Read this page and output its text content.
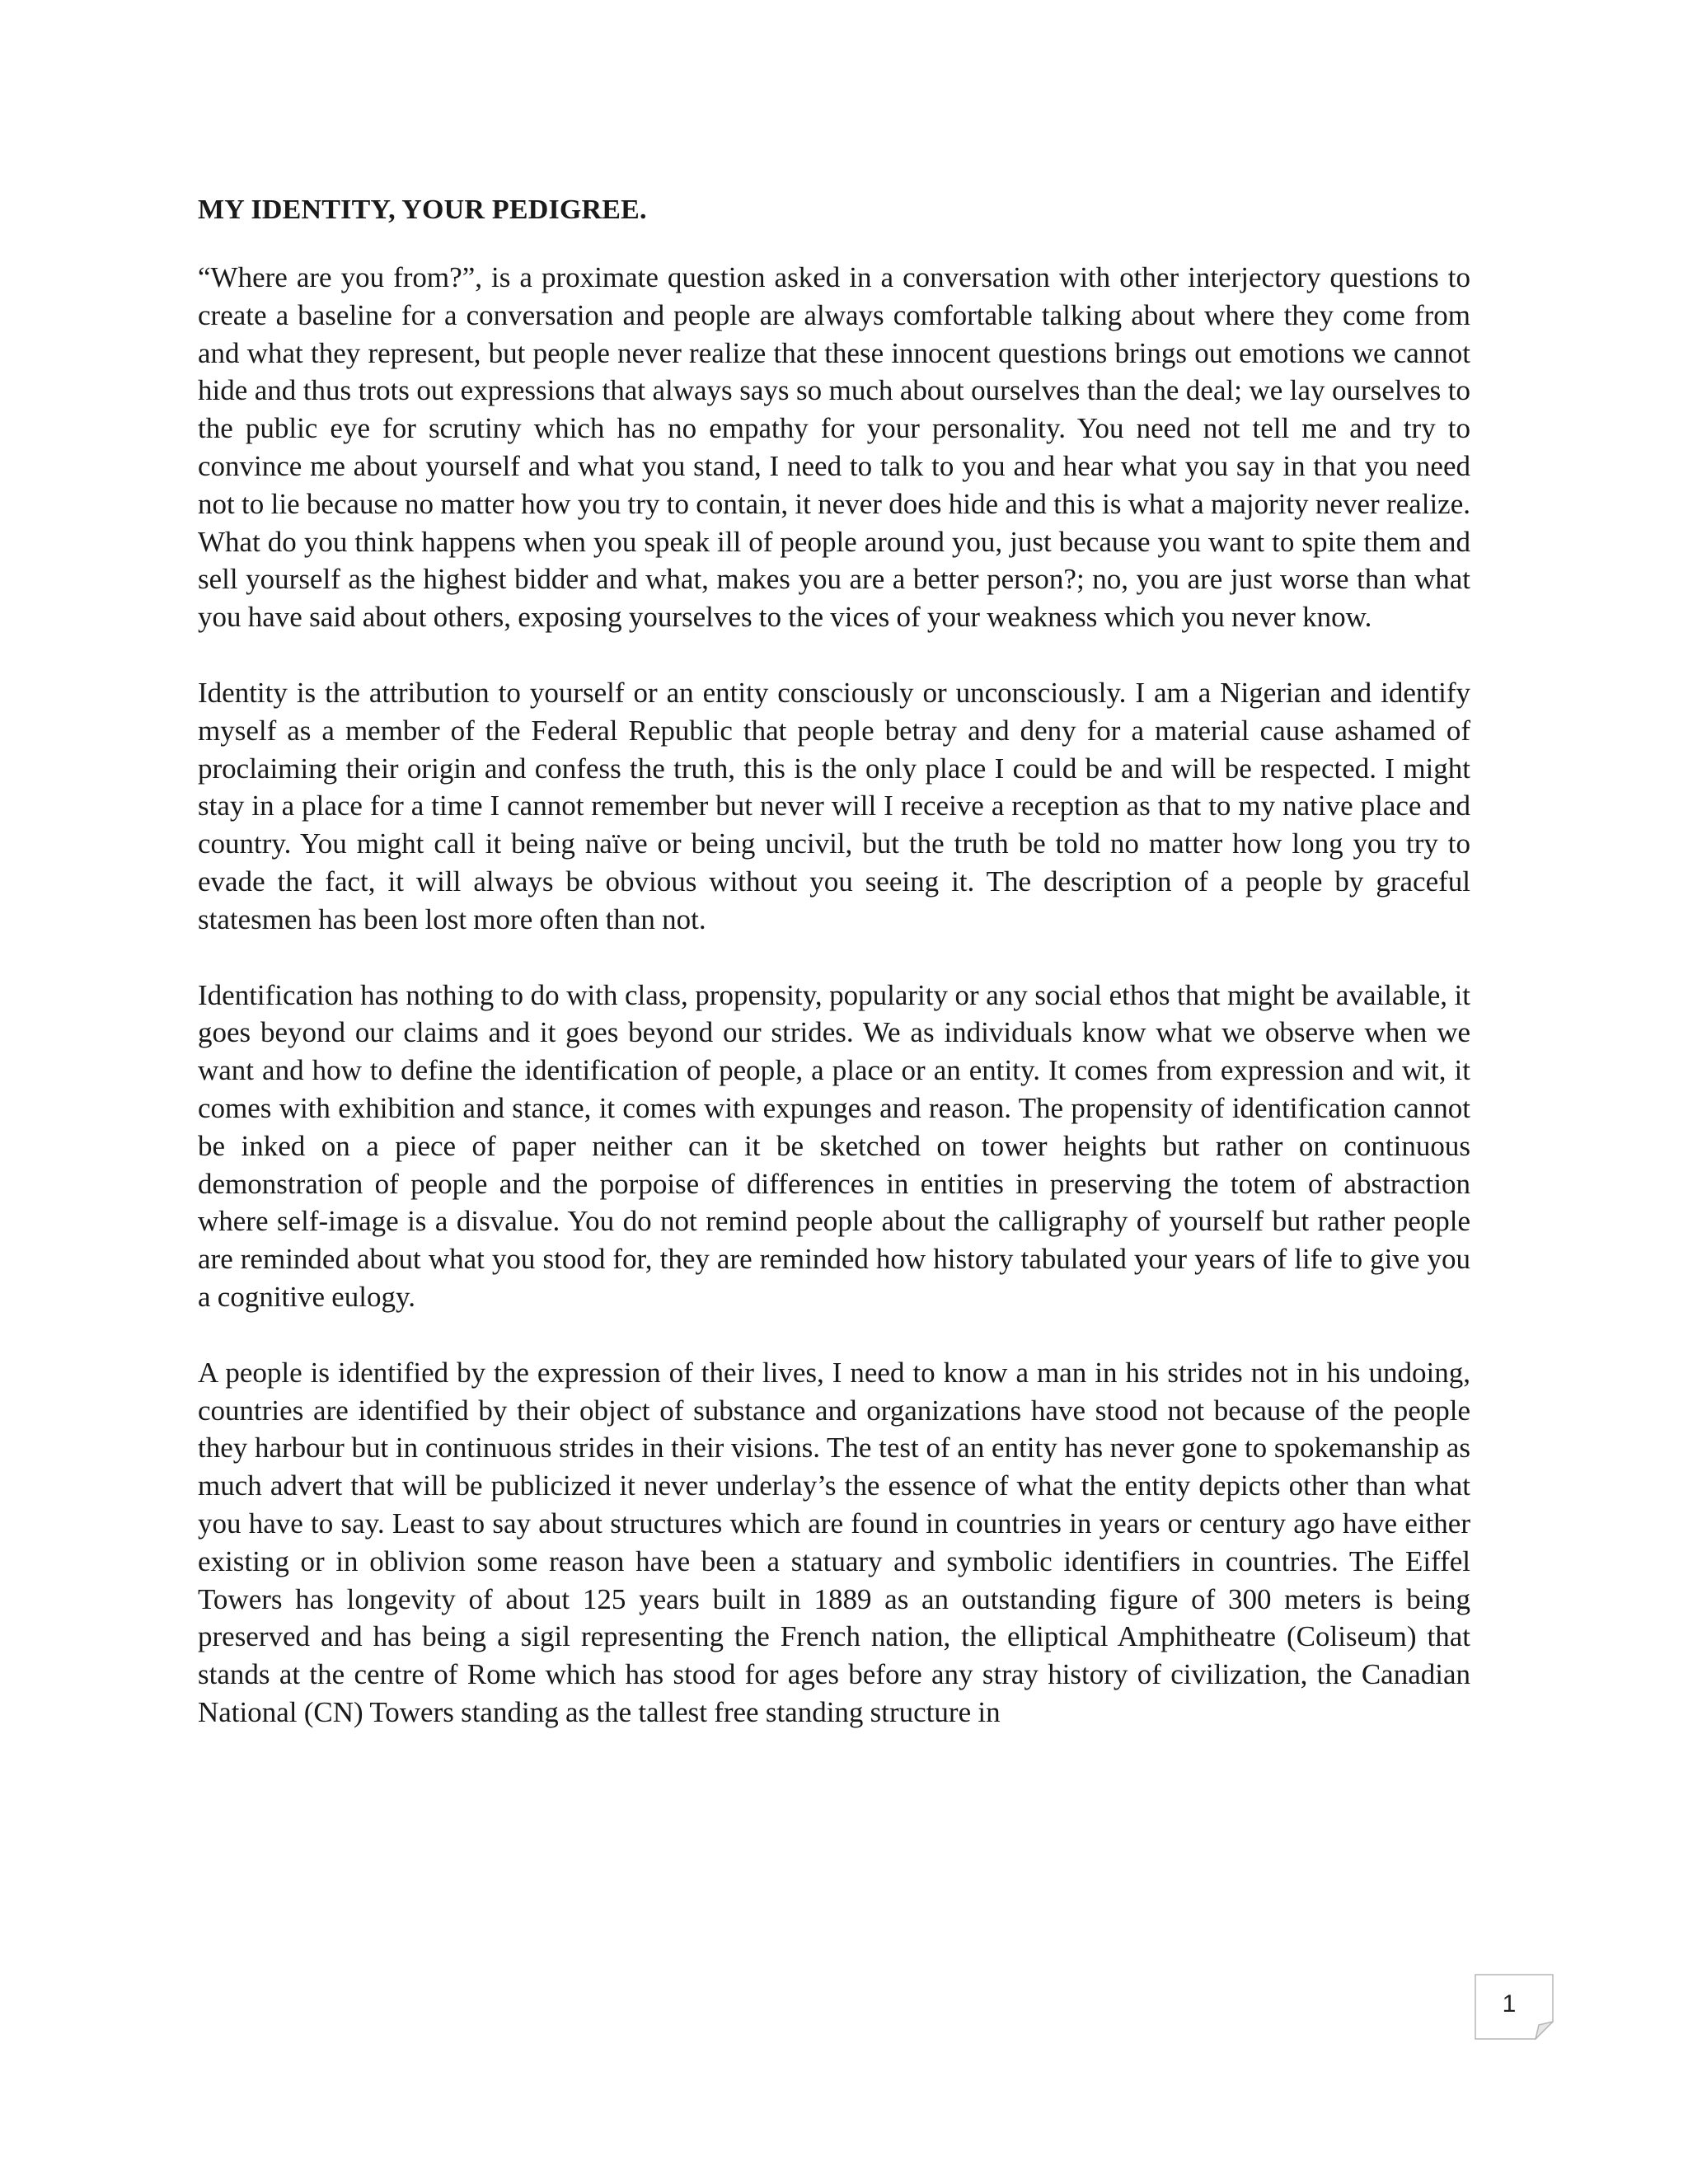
MY IDENTITY, YOUR PEDIGREE.

“Where are you from?”, is a proximate question asked in a conversation with other interjectory questions to create a baseline for a conversation and people are always comfortable talking about where they come from and what they represent, but people never realize that these innocent questions brings out emotions we cannot hide and thus trots out expressions that always says so much about ourselves than the deal; we lay ourselves to the public eye for scrutiny which has no empathy for your personality. You need not tell me and try to convince me about yourself and what you stand, I need to talk to you and hear what you say in that you need not to lie because no matter how you try to contain, it never does hide and this is what a majority never realize. What do you think happens when you speak ill of people around you, just because you want to spite them and sell yourself as the highest bidder and what, makes you are a better person?; no, you are just worse than what you have said about others, exposing yourselves to the vices of your weakness which you never know.

Identity is the attribution to yourself or an entity consciously or unconsciously. I am a Nigerian and identify myself as a member of the Federal Republic that people betray and deny for a material cause ashamed of proclaiming their origin and confess the truth, this is the only place I could be and will be respected. I might stay in a place for a time I cannot remember but never will I receive a reception as that to my native place and country. You might call it being naïve or being uncivil, but the truth be told no matter how long you try to evade the fact, it will always be obvious without you seeing it. The description of a people by graceful statesmen has been lost more often than not.

Identification has nothing to do with class, propensity, popularity or any social ethos that might be available, it goes beyond our claims and it goes beyond our strides. We as individuals know what we observe when we want and how to define the identification of people, a place or an entity. It comes from expression and wit, it comes with exhibition and stance, it comes with expunges and reason. The propensity of identification cannot be inked on a piece of paper neither can it be sketched on tower heights but rather on continuous demonstration of people and the porpoise of differences in entities in preserving the totem of abstraction where self-image is a disvalue. You do not remind people about the calligraphy of yourself but rather people are reminded about what you stood for, they are reminded how history tabulated your years of life to give you a cognitive eulogy.

A people is identified by the expression of their lives, I need to know a man in his strides not in his undoing, countries are identified by their object of substance and organizations have stood not because of the people they harbour but in continuous strides in their visions. The test of an entity has never gone to spokemanship as much advert that will be publicized it never underlay’s the essence of what the entity depicts other than what you have to say. Least to say about structures which are found in countries in years or century ago have either existing or in oblivion some reason have been a statuary and symbolic identifiers in countries. The Eiffel Towers has longevity of about 125 years built in 1889 as an outstanding figure of 300 meters is being preserved and has being a sigil representing the French nation, the elliptical Amphitheatre (Coliseum) that stands at the centre of Rome which has stood for ages before any stray history of civilization, the Canadian National (CN) Towers standing as the tallest free standing structure in

1
